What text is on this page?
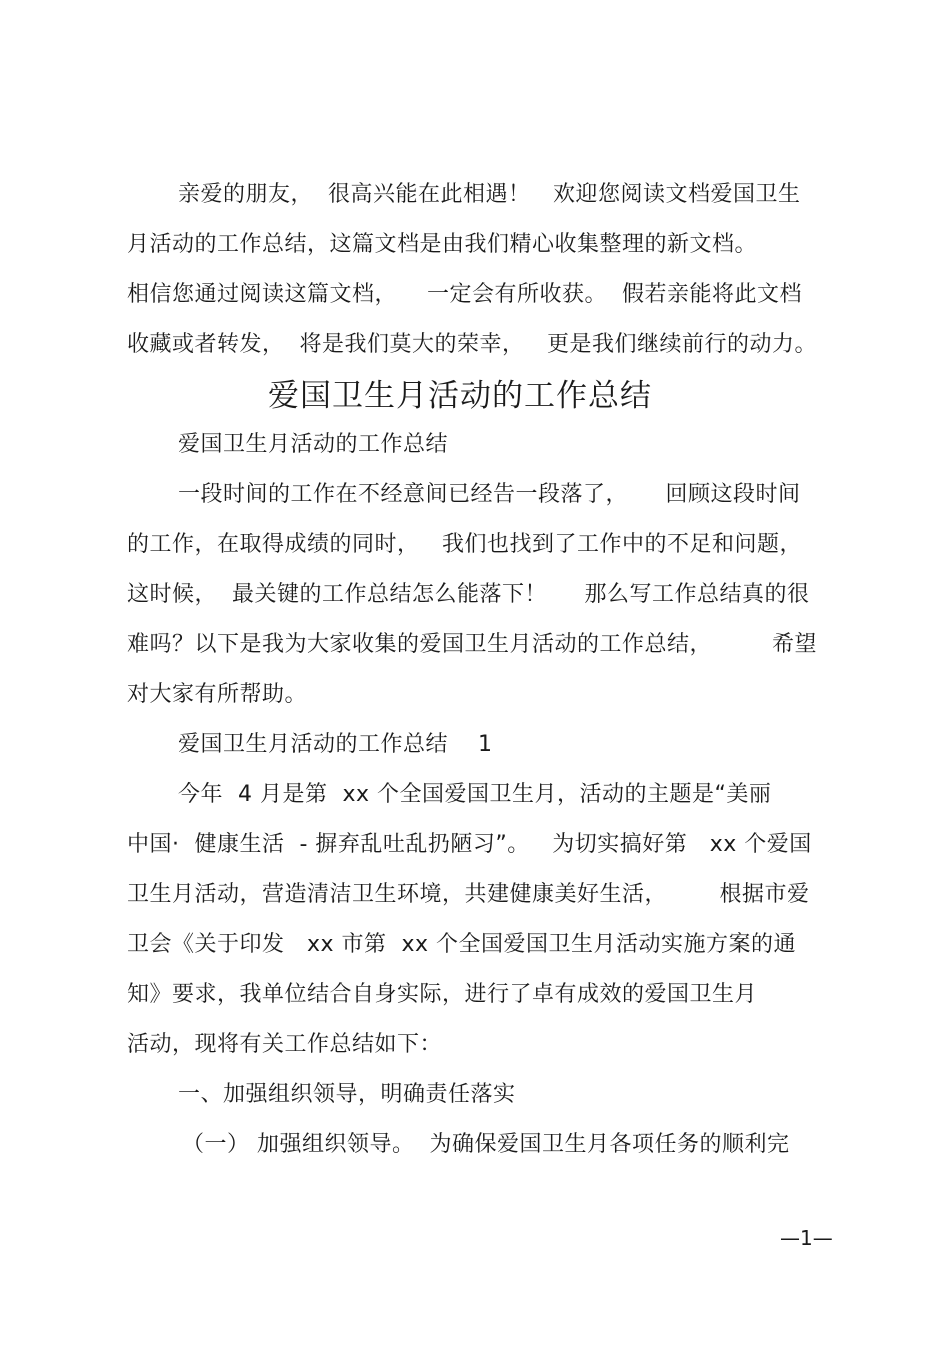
亲爱的朋友，  很高兴能在此相遇！   欢迎您阅读文档爱国卫生
月活动的工作总结，这篇文档是由我们精心收集整理的新文档。
相信您通过阅读这篇文档，    一定会有所收获。  假若亲能将此文档
收藏或者转发，  将是我们莫大的荣幸，   更是我们继续前行的动力。
爱国卫生月活动的工作总结
爱国卫生月活动的工作总结
一段时间的工作在不经意间已经告一段落了，     回顾这段时间
的工作，在取得成绩的同时，   我们也找到了工作中的不足和问题，
这时候，  最关键的工作总结怎么能落下！     那么写工作总结真的很
难吗？以下是我为大家收集的爱国卫生月活动的工作总结，        希望
对大家有所帮助。
爱国卫生月活动的工作总结    1
今年  4 月是第  xx 个全国爱国卫生月，活动的主题是“美丽
中国·  健康生活  - 摒弃乱吐乱扔陋习”。   为切实搞好第   xx 个爱国
卫生月活动，营造清洁卫生环境，共建健康美好生活，       根据市爱
卫会《关于印发   xx 市第  xx 个全国爱国卫生月活动实施方案的通
知》要求，我单位结合自身实际，进行了卓有成效的爱国卫生月
活动，现将有关工作总结如下：
一、加强组织领导，明确责任落实
（一） 加强组织领导。  为确保爱国卫生月各项任务的顺利完
—1—
